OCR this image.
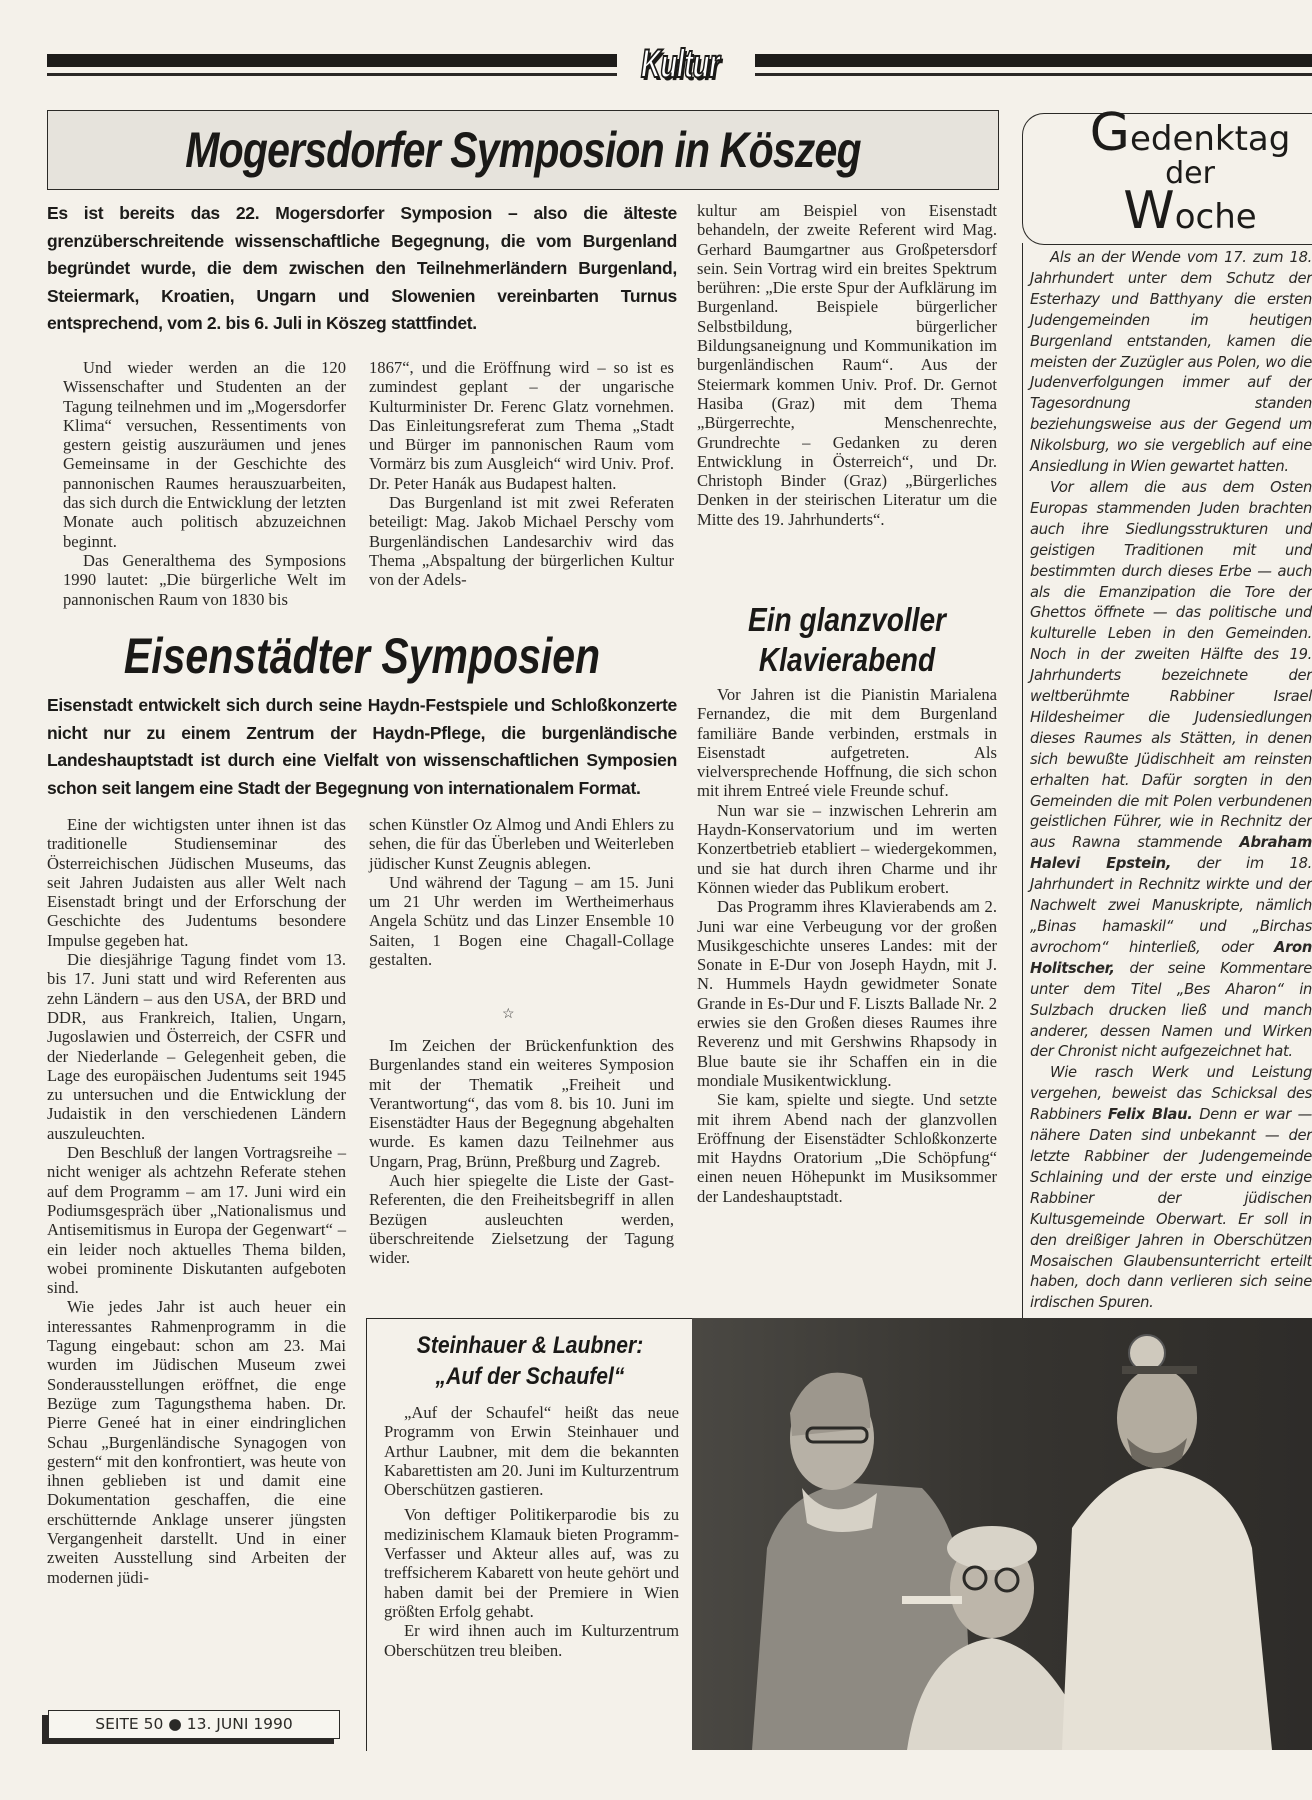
Kultur
Mogersdorfer Symposion in Köszeg
Es ist bereits das 22. Mogersdorfer Symposion – also die älteste grenzüberschreitende wissenschaftliche Begegnung, die vom Burgenland begründet wurde, die dem zwischen den Teilnehmerländern Burgenland, Steiermark, Kroatien, Ungarn und Slowenien vereinbarten Turnus entsprechend, vom 2. bis 6. Juli in Köszeg stattfindet.

Und wieder werden an die 120 Wissenschafter und Studenten an der Tagung teilnehmen und im „Mogersdorfer Klima“ versuchen, Ressentiments von gestern geistig auszuräumen und jenes Gemeinsame in der Geschichte des pannonischen Raumes herauszuarbeiten, das sich durch die Entwicklung der letzten Monate auch politisch abzuzeichnen beginnt.

Das Generalthema des Symposions 1990 lautet: „Die bürgerliche Welt im pannonischen Raum von 1830 bis

1867“, und die Eröffnung wird – so ist es zumindest geplant – der ungarische Kulturminister Dr. Ferenc Glatz vornehmen. Das Einleitungsreferat zum Thema „Stadt und Bürger im pannonischen Raum vom Vormärz bis zum Ausgleich“ wird Univ. Prof. Dr. Peter Hanák aus Budapest halten.

Das Burgenland ist mit zwei Referaten beteiligt: Mag. Jakob Michael Perschy vom Burgenländischen Landesarchiv wird das Thema „Abspaltung der bürgerlichen Kultur von der Adels-

kultur am Beispiel von Eisenstadt behandeln, der zweite Referent wird Mag. Gerhard Baumgartner aus Großpetersdorf sein. Sein Vortrag wird ein breites Spektrum berühren: „Die erste Spur der Aufklärung im Burgenland. Beispiele bürgerlicher Selbstbildung, bürgerlicher Bildungsaneignung und Kommunikation im burgenländischen Raum“. Aus der Steiermark kommen Univ. Prof. Dr. Gernot Hasiba (Graz) mit dem Thema „Bürgerrechte, Menschenrechte, Grundrechte – Gedanken zu deren Entwicklung in Österreich“, und Dr. Christoph Binder (Graz) „Bürgerliches Denken in der steirischen Literatur um die Mitte des 19. Jahrhunderts“.

Eisenstädter Symposien
Eisenstadt entwickelt sich durch seine Haydn-Festspiele und Schloßkonzerte nicht nur zu einem Zentrum der Haydn-Pflege, die burgenländische Landeshauptstadt ist durch eine Vielfalt von wissenschaftlichen Symposien schon seit langem eine Stadt der Begegnung von internationalem Format.

Eine der wichtigsten unter ihnen ist das traditionelle Studienseminar des Österreichischen Jüdischen Museums, das seit Jahren Judaisten aus aller Welt nach Eisenstadt bringt und der Erforschung der Geschichte des Judentums besondere Impulse gegeben hat.

Die diesjährige Tagung findet vom 13. bis 17. Juni statt und wird Referenten aus zehn Ländern – aus den USA, der BRD und DDR, aus Frankreich, Italien, Ungarn, Jugoslawien und Österreich, der CSFR und der Niederlande – Gelegenheit geben, die Lage des europäischen Judentums seit 1945 zu untersuchen und die Entwicklung der Judaistik in den verschiedenen Ländern auszuleuchten.

Den Beschluß der langen Vortragsreihe – nicht weniger als achtzehn Referate stehen auf dem Programm – am 17. Juni wird ein Podiumsgespräch über „Nationalismus und Antisemitismus in Europa der Gegenwart“ – ein leider noch aktuelles Thema bilden, wobei prominente Diskutanten aufgeboten sind.

Wie jedes Jahr ist auch heuer ein interessantes Rahmenprogramm in die Tagung eingebaut: schon am 23. Mai wurden im Jüdischen Museum zwei Sonderausstellungen eröffnet, die enge Bezüge zum Tagungsthema haben. Dr. Pierre Geneé hat in einer eindringlichen Schau „Burgenländische Synagogen von gestern“ mit den konfrontiert, was heute von ihnen geblieben ist und damit eine Dokumentation geschaffen, die eine erschütternde Anklage unserer jüngsten Vergangenheit darstellt. Und in einer zweiten Ausstellung sind Arbeiten der modernen jüdi-

schen Künstler Oz Almog und Andi Ehlers zu sehen, die für das Überleben und Weiterleben jüdischer Kunst Zeugnis ablegen.

Und während der Tagung – am 15. Juni um 21 Uhr werden im Wertheimerhaus Angela Schütz und das Linzer Ensemble 10 Saiten, 1 Bogen eine Chagall-Collage gestalten.

☆

Im Zeichen der Brückenfunktion des Burgenlandes stand ein weiteres Symposion mit der Thematik „Freiheit und Verantwortung“, das vom 8. bis 10. Juni im Eisenstädter Haus der Begegnung abgehalten wurde. Es kamen dazu Teilnehmer aus Ungarn, Prag, Brünn, Preßburg und Zagreb.

Auch hier spiegelte die Liste der Gast-Referenten, die den Freiheitsbegriff in allen Bezügen ausleuchten werden, überschreitende Zielsetzung der Tagung wider.

Ein glanzvoller
Klavierabend

Vor Jahren ist die Pianistin Marialena Fernandez, die mit dem Burgenland familiäre Bande verbinden, erstmals in Eisenstadt aufgetreten. Als vielversprechende Hoffnung, die sich schon mit ihrem Entreé viele Freunde schuf.

Nun war sie – inzwischen Lehrerin am Haydn-Konservatorium und im werten Konzertbetrieb etabliert – wiedergekommen, und sie hat durch ihren Charme und ihr Können wieder das Publikum erobert.

Das Programm ihres Klavierabends am 2. Juni war eine Verbeugung vor der großen Musikgeschichte unseres Landes: mit der Sonate in E-Dur von Joseph Haydn, mit J. N. Hummels Haydn gewidmeter Sonate Grande in Es-Dur und F. Liszts Ballade Nr. 2 erwies sie den Großen dieses Raumes ihre Reverenz und mit Gershwins Rhapsody in Blue baute sie ihr Schaffen ein in die mondiale Musikentwicklung.

Sie kam, spielte und siegte. Und setzte mit ihrem Abend nach der glanzvollen Eröffnung der Eisenstädter Schloßkonzerte mit Haydns Oratorium „Die Schöpfung“ einen neuen Höhepunkt im Musiksommer der Landeshauptstadt.

Gedenktag
der
Woche

Als an der Wende vom 17. zum 18. Jahrhundert unter dem Schutz der Esterhazy und Batthyany die ersten Judengemeinden im heutigen Burgenland entstanden, kamen die meisten der Zuzügler aus Polen, wo die Judenverfolgungen immer auf der Tagesordnung standen beziehungsweise aus der Gegend um Nikolsburg, wo sie vergeblich auf eine Ansiedlung in Wien gewartet hatten.

Vor allem die aus dem Osten Europas stammenden Juden brachten auch ihre Siedlungsstrukturen und geistigen Traditionen mit und bestimmten durch dieses Erbe — auch als die Emanzipation die Tore der Ghettos öffnete — das politische und kulturelle Leben in den Gemeinden. Noch in der zweiten Hälfte des 19. Jahrhunderts bezeichnete der weltberühmte Rabbiner Israel Hildesheimer die Judensiedlungen dieses Raumes als Stätten, in denen sich bewußte Jüdischheit am reinsten erhalten hat. Dafür sorgten in den Gemeinden die mit Polen verbundenen geistlichen Führer, wie in Rechnitz der aus Rawna stammende Abraham Halevi Epstein, der im 18. Jahrhundert in Rechnitz wirkte und der Nachwelt zwei Manuskripte, nämlich „Binas hamaskil“ und „Birchas avrochom“ hinterließ, oder Aron Holitscher, der seine Kommentare unter dem Titel „Bes Aharon“ in Sulzbach drucken ließ und manch anderer, dessen Namen und Wirken der Chronist nicht aufgezeichnet hat.

Wie rasch Werk und Leistung vergehen, beweist das Schicksal des Rabbiners Felix Blau. Denn er war — nähere Daten sind unbekannt — der letzte Rabbiner der Judengemeinde Schlaining und der erste und einzige Rabbiner der jüdischen Kultusgemeinde Oberwart. Er soll in den dreißiger Jahren in Oberschützen Mosaischen Glaubensunterricht erteilt haben, doch dann verlieren sich seine irdischen Spuren.

Steinhauer & Laubner:
„Auf der Schaufel“

„Auf der Schaufel“ heißt das neue Programm von Erwin Steinhauer und Arthur Laubner, mit dem die bekannten Kabarettisten am 20. Juni im Kulturzentrum Oberschützen gastieren.

Von deftiger Politikerparodie bis zu medizinischem Klamauk bieten Programm-Verfasser und Akteur alles auf, was zu treffsicherem Kabarett von heute gehört und haben damit bei der Premiere in Wien größten Erfolg gehabt.

Er wird ihnen auch im Kulturzentrum Oberschützen treu bleiben.

SEITE 50 ● 13. JUNI 1990
